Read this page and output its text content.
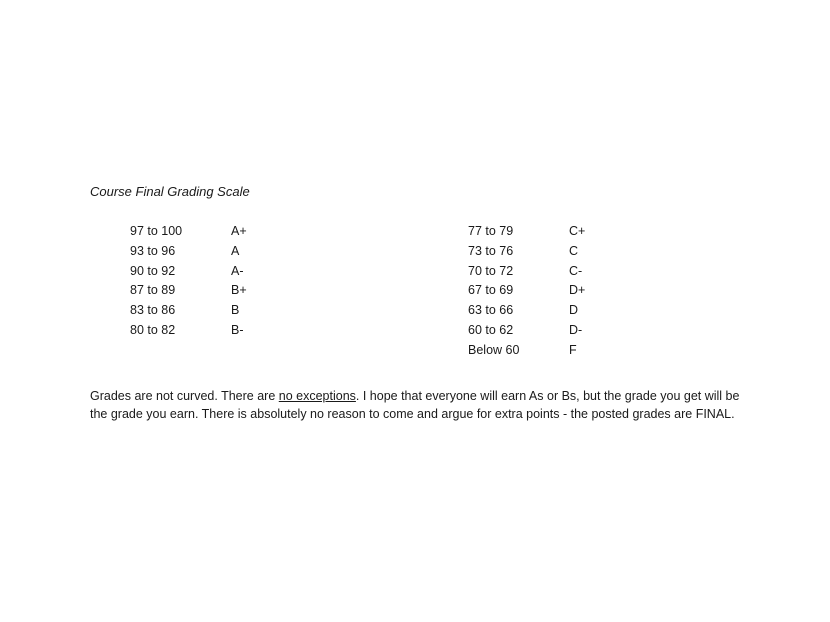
Course Final Grading Scale
97 to 100
93 to 96
90 to 92
87 to 89
83 to 86
80 to 82
A+
A
A-
B+
B
B-
77 to 79
73 to 76
70 to 72
67 to 69
63 to 66
60 to 62
Below 60
C+
C
C-
D+
D
D-
F

Grades are not curved. There are no exceptions. I hope that everyone will earn As or Bs, but the grade you get will be the grade you earn. There is absolutely no reason to come and argue for extra points - the posted grades are FINAL.
